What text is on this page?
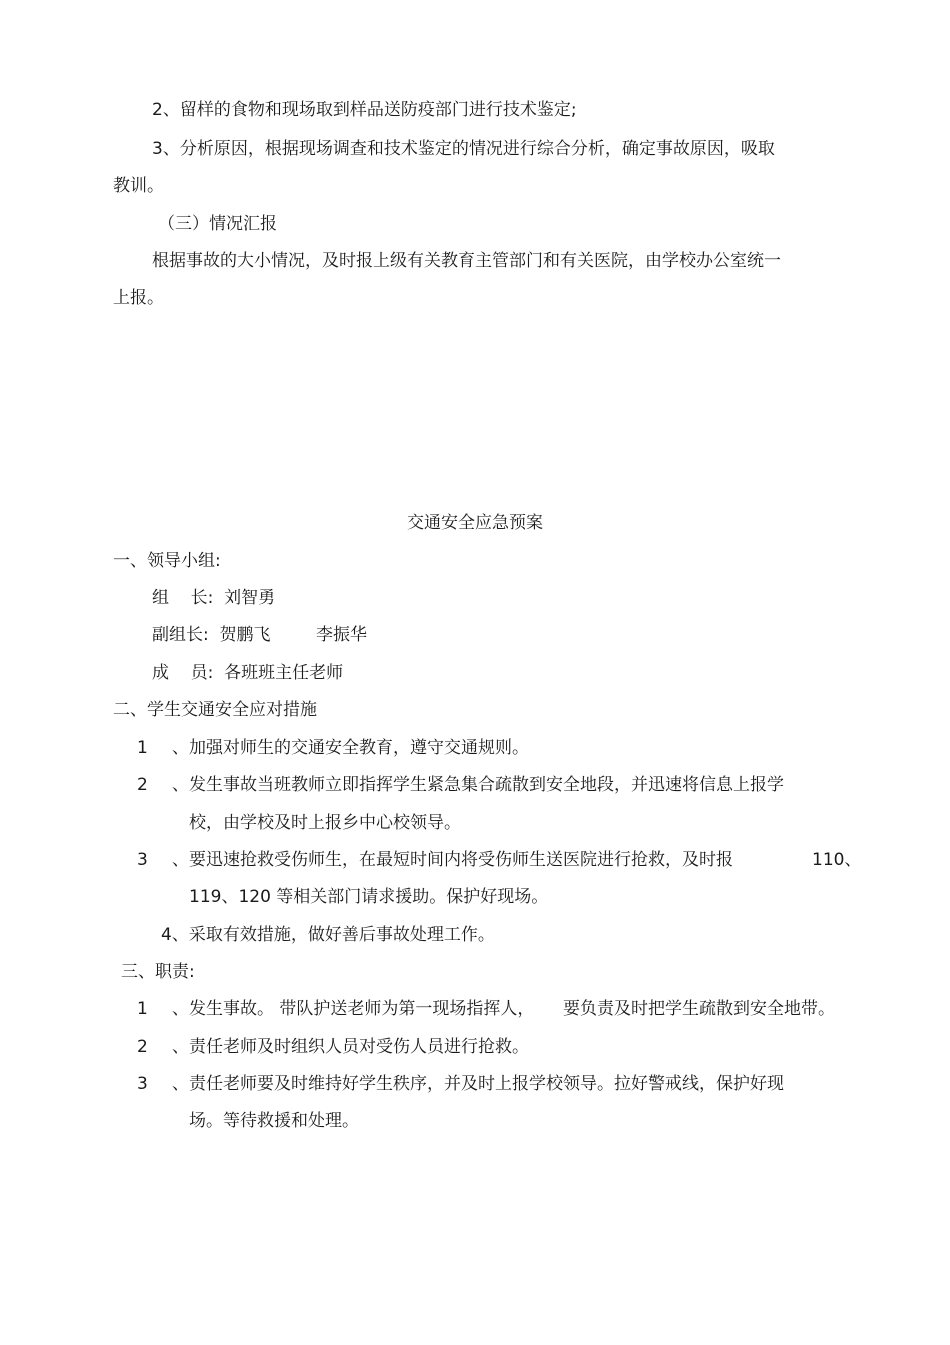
2、留样的食物和现场取到样品送防疫部门进行技术鉴定;

3、分析原因，根据现场调查和技术鉴定的情况进行综合分析，确定事故原因，吸取

教训。

（三）情况汇报

根据事故的大小情况，及时报上级有关教育主管部门和有关医院，由学校办公室统一

上报。

交通安全应急预案

一、领导小组:

组    长:  刘智勇

副组长:  贺鹏飞	李振华

成    员:  各班班主任老师

二、学生交通安全应对措施

1 、加强对师生的交通安全教育，遵守交通规则。

2 、发生事故当班教师立即指挥学生紧急集合疏散到安全地段，并迅速将信息上报学

校，由学校及时上报乡中心校领导。

3 、要迅速抢救受伤师生，在最短时间内将受伤师生送医院进行抢救，及时报	110、

119、120 等相关部门请求援助。保护好现场。

4、采取有效措施，做好善后事故处理工作。

三、职责:

1 、发生事故。 带队护送老师为第一现场指挥人， 要负责及时把学生疏散到安全地带。

2 、责任老师及时组织人员对受伤人员进行抢救。

3 、责任老师要及时维持好学生秩序，并及时上报学校领导。拉好警戒线，保护好现

场。等待救援和处理。
